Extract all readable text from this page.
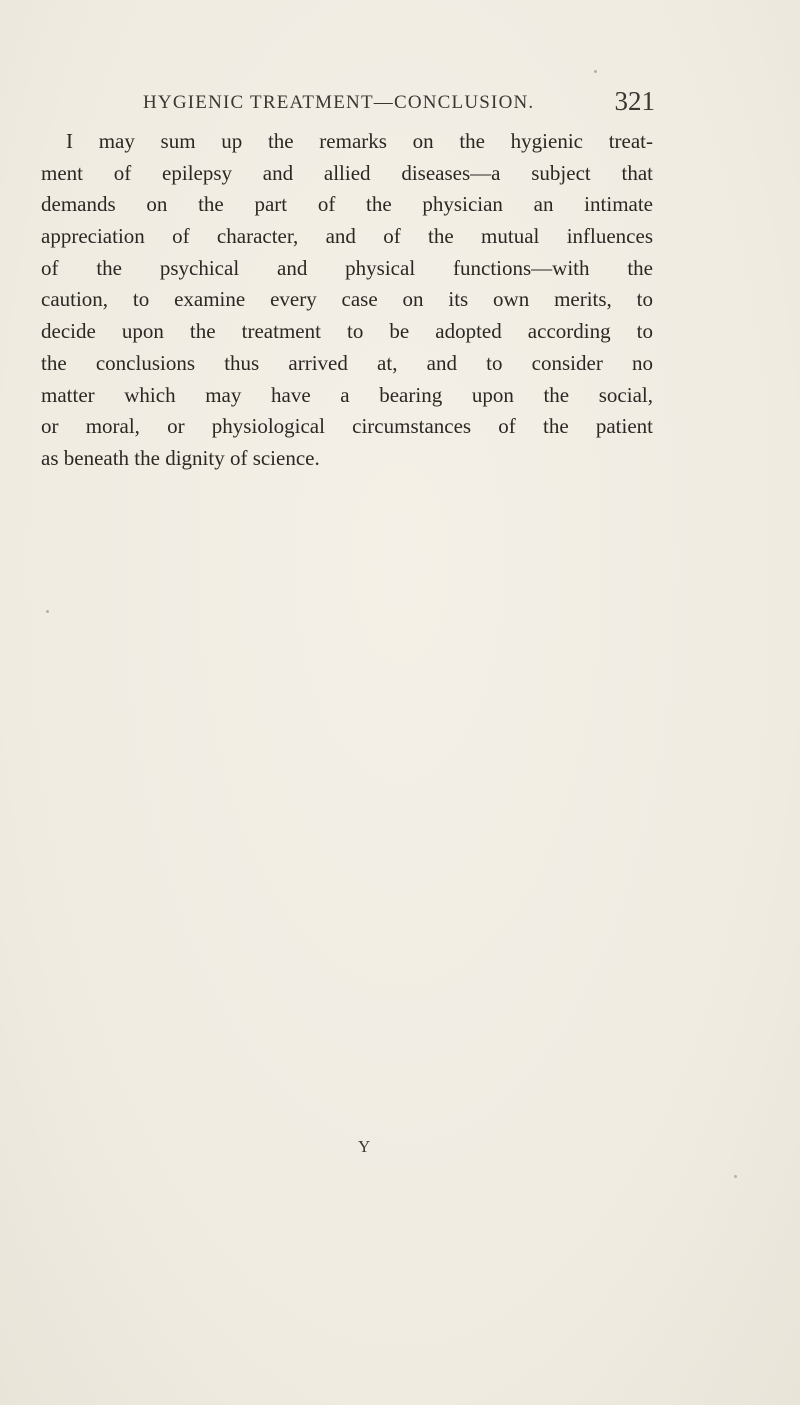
HYGIENIC TREATMENT—CONCLUSION.	321
I may sum up the remarks on the hygienic treat-
ment of epilepsy and allied diseases—a subject that
demands on the part of the physician an intimate
appreciation of character, and of the mutual influences
of the psychical and physical functions—with the
caution, to examine every case on its own merits, to
decide upon the treatment to be adopted according to
the conclusions thus arrived at, and to consider no
matter which may have a bearing upon the social,
or moral, or physiological circumstances of the patient
as beneath the dignity of science.
Y
